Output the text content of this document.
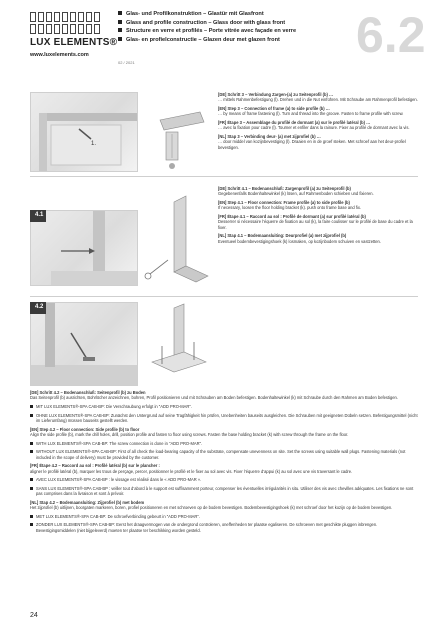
LUX ELEMENTS®
www.luxelements.com
Glas- und Profilkonstruktion – Glastür mit Glasfront
Glass and profile construction – Glass door with glass front
Structure en verre et profilés – Porte vitrée avec façade en verre
Glas- en profielconstructie – Glazen deur met glazen front
02 / 2021	6.2
1.

[DE] Schritt 3 – Verbindung Zargen-(a) zu Seitenprofil (b) …
… mittels Rahmenbefestigung (l). Drehen und in die Nut einführen. Mit Schraube am Rahmenprofil befestigen.

[EN] Step 3 – Connection of frame (a) to side profile (b) …
… by means of frame fastening (l). Turn and thread into the groove. Fasten to frame profile with screw.

[FR] Étape 3 – Assemblage du profilé de dormant (a) sur le profilé latéral (b) …
… avec la fixation pour cadre (l). Tourner et enfiler dans la rainure. Fixer au profilé de dormant avec la vis.

[NL] Stap 3 – Verbinding deur- (a) met zijprofiel (b) …
… door middel van kozijnbevestiging (l). Draaien en in de groef steken. Met schroef aan het deur-profiel bevestigen.

4.1

[DE] Schritt 4.1 – Bodenanschluß: Zargenprofil (a) zu Seitenprofil (b)
Gegebenenfalls Bodenhaltewinkel (k) lösen, auf Rahmenboden schieben und fixieren.

[EN] Step 4.1 – Floor connection: Frame profile (a) to side profile (b)
If necessary, loosen the floor holding bracket (k). push onto frame base and fix.

[FR] Étape 4.1 – Raccord au sol : Profilé de dormant (a) sur profilé latéral (b)
Desserrer si nécessaire l’équerre de fixation au sol (k), la faire coulisser sur le profilé de base du cadre et la fixer.

[NL] Stap 4.1 – Bodemaansluiting: Deurprofiel (a) met zijprofiel (b)
Eventueel bodembevestigingshoek (k) losmaken, op kozijnbodem schuiven en vastzetten.

4.2

[DE] Schritt 4.2 – Bodenanschluß: Seitenprofil (b) zu Boden
Das Seitenprofil (b) ausrichten, Bohrlöcher anzeichnen, bohren, Profil positionieren und mit Schrauben am Boden befestigen. Bodenhaltewinkel (k) mit Schraube durch den Rahmen am Boden befestigen.

MIT LUX ELEMENTS®-SPA CAB-BP: Die Verschraubung erfolgt in "ADD PRO-MAR".

OHNE LUX ELEMENTS®-SPA CAB-BP: Zunächst den Untergrund auf seine Tragfähigkeit hin prüfen, Unebenheiten bauseits ausgleichen. Die Schrauben mit geeigneten Dübeln setzen. Befestigungsmittel (nicht im Lieferumfang) müssen bauseits gestellt werden.

[EN] Step 4.2 – Floor connection: Side profile (b) to floor
Align the side profile (b), mark the drill holes, drill, position profile and fasten to floor using screws. Fasten the base holding bracket (k) with screw through the frame on the floor.

WITH LUX ELEMENTS®-SPA CAB-BP: The screw connection is done in "ADD PRO-MAR".

WITHOUT LUX ELEMENTS®-SPA CAB-BP: First of all check the load-bearing capacity of the substrate, compensate unevenness on site. Set the screws using suitable wall plugs. Fastening materials (not included in the scope of delivery) must be provided by the customer.

[FR] Étape 4.2 – Raccord au sol : Profilé latéral (b) sur le plancher :
aligner le profilé latéral (b), marquer les trous de perçage, percer, positionner le profilé et le fixer au sol avec vis. Fixer l’équerre d’appui (k) au sol avec une vis traversant le cadre.

AVEC LUX ELEMENTS®-SPA CAB-BP : le vissage est réalisé dans le « ADD PRO-MAR ».

SANS LUX ELEMENTS®-SPA CAB-BP : veiller tout d’abord à le support est suffisamment porteur, compenser les éventuelles irrégularités in situ. Utiliser des vis avec chevilles adéquates. Les fixations ne sont pas comprises dans la livraison et sont à prévoir.

[NL] Stap 4.2 – Bodemaansluiting: Zijprofiel (b) met bodem
Het zijprofiel (b) uitlijnen, boorgaten markeren, boren, profiel positioneren en met schroeven op de bodem bevestigen. Bodembevestigingshoek (k) met schroef door het kozijn op de bodem bevestigen.

MET LUX ELEMENTS®-SPA CAB-BP: De schroefverbinding gebeurt in "ADD PRO-MAR".

ZONDER LUX ELEMENTS®-SPA CAB-BP: Eerst het draagvermogen van de ondergrond controleren, oneffenheden ter plaatse egaliseren. De schroeven met geschikte pluggen inbrengen. Bevestigingsmiddelen (niet bijgeleverd) moeten ter plaatse ter beschikking worden gesteld.

24
